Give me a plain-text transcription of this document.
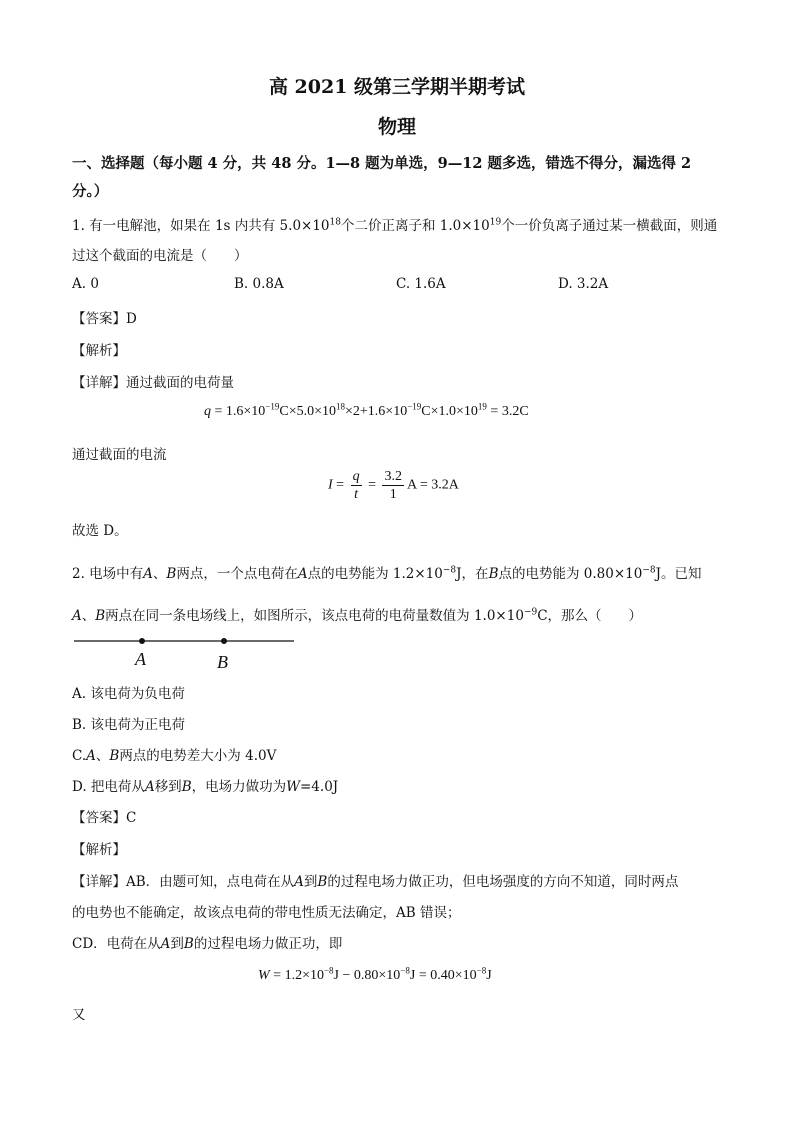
高 2021 级第三学期半期考试
物理
一、选择题（每小题 4 分，共 48 分。1—8 题为单选，9—12 题多选，错选不得分，漏选得 2
分。）
1. 有一电解池，如果在 1s 内共有 $5.0\times 10^{18}$个二价正离子和 $1.0\times 10^{19}$个一价负离子通过某一横截面，则通
过这个截面的电流是（　　）
A. 0	B. 0.8A	C. 1.6A	D. 3.2A
【答案】D
【解析】
【详解】通过截面的电荷量
$q = 1.6\times 10^{-19}C\times 5.0\times 10^{18}\times 2+1.6\times 10^{-19}C\times 1.0\times 10^{19} = 3.2C$
通过截面的电流
$I = \frac{q}{t} = \frac{3.2}{1}$ A = 3.2A
故选 D。
2. 电场中有A、B两点，一个点电荷在A点的电势能为 $1.2\times 10^{-8}J$，在B点的电势能为 $0.80\times 10^{-8}J$。已知
A、B两点在同一条电场线上，如图所示，该点电荷的电荷量数值为 $1.0\times 10^{-9}C$，那么（　　）
A	B
A. 该电荷为负电荷
B. 该电荷为正电荷
C.A、B两点的电势差大小为 4.0V
D. 把电荷从A移到B，电场力做功为W=4.0J
【答案】C
【解析】
【详解】AB．由题可知，点电荷在从A到B的过程电场力做正功，但电场强度的方向不知道，同时两点
的电势也不能确定，故该点电荷的带电性质无法确定，AB 错误；
CD．电荷在从A到B的过程电场力做正功，即
$W = 1.2\times 10^{-8}J - 0.80\times 10^{-8}J = 0.40\times 10^{-8}J$
又
